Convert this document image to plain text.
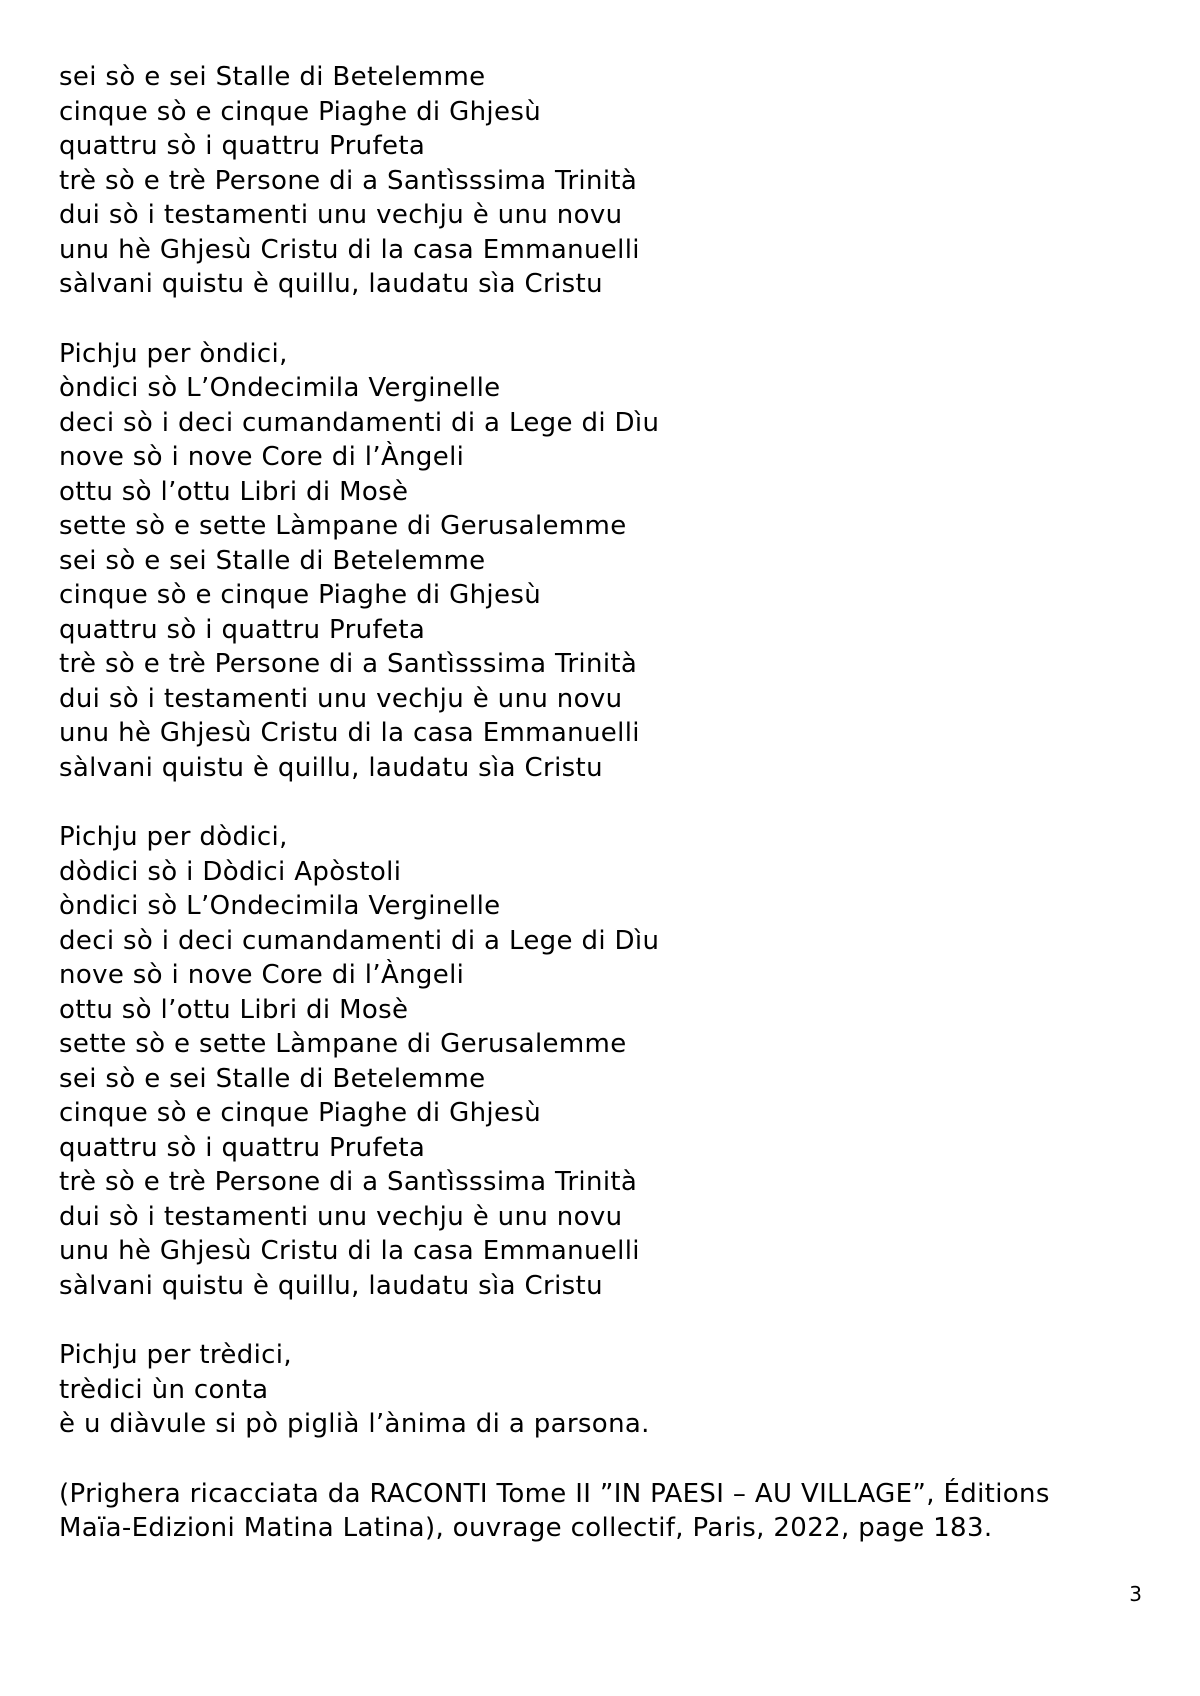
sei sò e sei Stalle di Betelemme
cinque sò e cinque Piaghe di Ghjesù
quattru sò i quattru Prufeta
trè sò e trè Persone di a Santìsssima Trinità
dui sò i testamenti unu vechju è unu novu
unu hè Ghjesù Cristu di la casa Emmanuelli
sàlvani quistu è quillu, laudatu sìa Cristu
Pichju per òndici,
òndici sò L’Ondecimila Verginelle
deci sò i deci cumandamenti di a Lege di Dìu
nove sò i nove Core di l’Àngeli
ottu sò l’ottu Libri di Mosè
sette sò e sette Làmpane di Gerusalemme
sei sò e sei Stalle di Betelemme
cinque sò e cinque Piaghe di Ghjesù
quattru sò i quattru Prufeta
trè sò e trè Persone di a Santìsssima Trinità
dui sò i testamenti unu vechju è unu novu
unu hè Ghjesù Cristu di la casa Emmanuelli
sàlvani quistu è quillu, laudatu sìa Cristu
Pichju per dòdici,
dòdici sò i Dòdici Apòstoli
òndici sò L’Ondecimila Verginelle
deci sò i deci cumandamenti di a Lege di Dìu
nove sò i nove Core di l’Àngeli
ottu sò l’ottu Libri di Mosè
sette sò e sette Làmpane di Gerusalemme
sei sò e sei Stalle di Betelemme
cinque sò e cinque Piaghe di Ghjesù
quattru sò i quattru Prufeta
trè sò e trè Persone di a Santìsssima Trinità
dui sò i testamenti unu vechju è unu novu
unu hè Ghjesù Cristu di la casa Emmanuelli
sàlvani quistu è quillu, laudatu sìa Cristu
Pichju per trèdici,
trèdici ùn conta
è u diàvule si pò piglià l’ànima di a parsona.
(Prighera ricacciata da RACONTI Tome II ”IN PAESI – AU VILLAGE”, Éditions
Maïa-Edizioni Matina Latina), ouvrage collectif, Paris, 2022, page 183.
3
